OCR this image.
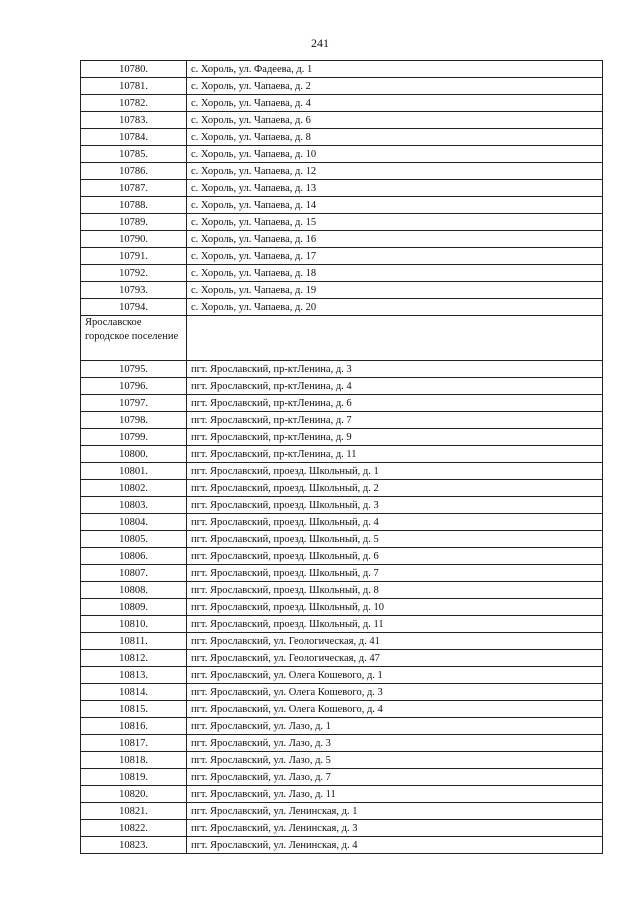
241
10780.	с. Хороль, ул. Фадеева, д. 1
10781.	с. Хороль, ул. Чапаева, д. 2
10782.	с. Хороль, ул. Чапаева, д. 4
10783.	с. Хороль, ул. Чапаева, д. 6
10784.	с. Хороль, ул. Чапаева, д. 8
10785.	с. Хороль, ул. Чапаева, д. 10
10786.	с. Хороль, ул. Чапаева, д. 12
10787.	с. Хороль, ул. Чапаева, д. 13
10788.	с. Хороль, ул. Чапаева, д. 14
10789.	с. Хороль, ул. Чапаева, д. 15
10790.	с. Хороль, ул. Чапаева, д. 16
10791.	с. Хороль, ул. Чапаева, д. 17
10792.	с. Хороль, ул. Чапаева, д. 18
10793.	с. Хороль, ул. Чапаева, д. 19
10794.	с. Хороль, ул. Чапаева, д. 20
Ярославское городское поселение	
10795.	пгт. Ярославский, пр-ктЛенина, д. 3
10796.	пгт. Ярославский, пр-ктЛенина, д. 4
10797.	пгт. Ярославский, пр-ктЛенина, д. 6
10798.	пгт. Ярославский, пр-ктЛенина, д. 7
10799.	пгт. Ярославский, пр-ктЛенина, д. 9
10800.	пгт. Ярославский, пр-ктЛенина, д. 11
10801.	пгт. Ярославский, проезд. Школьный, д. 1
10802.	пгт. Ярославский, проезд. Школьный, д. 2
10803.	пгт. Ярославский, проезд. Школьный, д. 3
10804.	пгт. Ярославский, проезд. Школьный, д. 4
10805.	пгт. Ярославский, проезд. Школьный, д. 5
10806.	пгт. Ярославский, проезд. Школьный, д. 6
10807.	пгт. Ярославский, проезд. Школьный, д. 7
10808.	пгт. Ярославский, проезд. Школьный, д. 8
10809.	пгт. Ярославский, проезд. Школьный, д. 10
10810.	пгт. Ярославский, проезд. Школьный, д. 11
10811.	пгт. Ярославский, ул. Геологическая, д. 41
10812.	пгт. Ярославский, ул. Геологическая, д. 47
10813.	пгт. Ярославский, ул. Олега Кошевого, д. 1
10814.	пгт. Ярославский, ул. Олега Кошевого, д. 3
10815.	пгт. Ярославский, ул. Олега Кошевого, д. 4
10816.	пгт. Ярославский, ул. Лазо, д. 1
10817.	пгт. Ярославский, ул. Лазо, д. 3
10818.	пгт. Ярославский, ул. Лазо, д. 5
10819.	пгт. Ярославский, ул. Лазо, д. 7
10820.	пгт. Ярославский, ул. Лазо, д. 11
10821.	пгт. Ярославский, ул. Ленинская, д. 1
10822.	пгт. Ярославский, ул. Ленинская, д. 3
10823.	пгт. Ярославский, ул. Ленинская, д. 4
